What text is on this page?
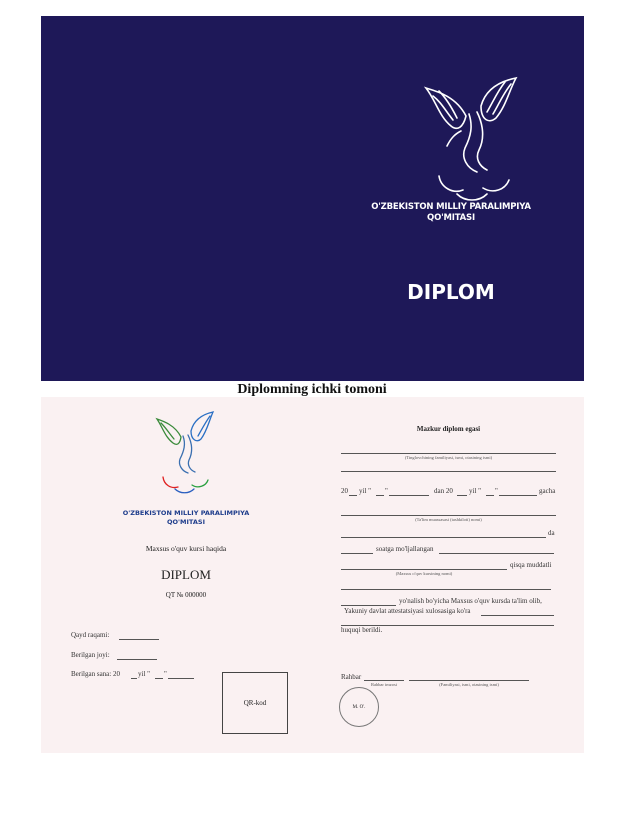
O'ZBEKISTON MILLIY PARALIMPIYA
QO'MITASI
DIPLOM
Diplomning ichki tomoni
O'ZBEKISTON MILLIY PARALIMPIYA
QO'MITASI
Maxsus o'quv kursi haqida
DIPLOM
QT № 000000
Qayd raqami:
Berilgan joyi:
Berilgan sana: 20	yil " "
QR-kod
Mazkur diplom egasi
(Tinglovchining familiyasi, ismi, otasining ismi)
20 yil " "	dan 20 yil " "	gacha
(Ta'lim muassasasi (tashkiloti) nomi)
da
soatga mo'ljallangan
qisqa muddatli
(Maxsus o'quv kursining nomi)
yo'nalish bo'yicha Maxsus o'quv kursda ta'lim olib,
Yakuniy davlat attestatsiyasi xulosasiga ko'ra
huquqi berildi.
Rahbar
Rahbar imzosi	(Familiyasi, ismi, otasining ismi)
M. O'.
